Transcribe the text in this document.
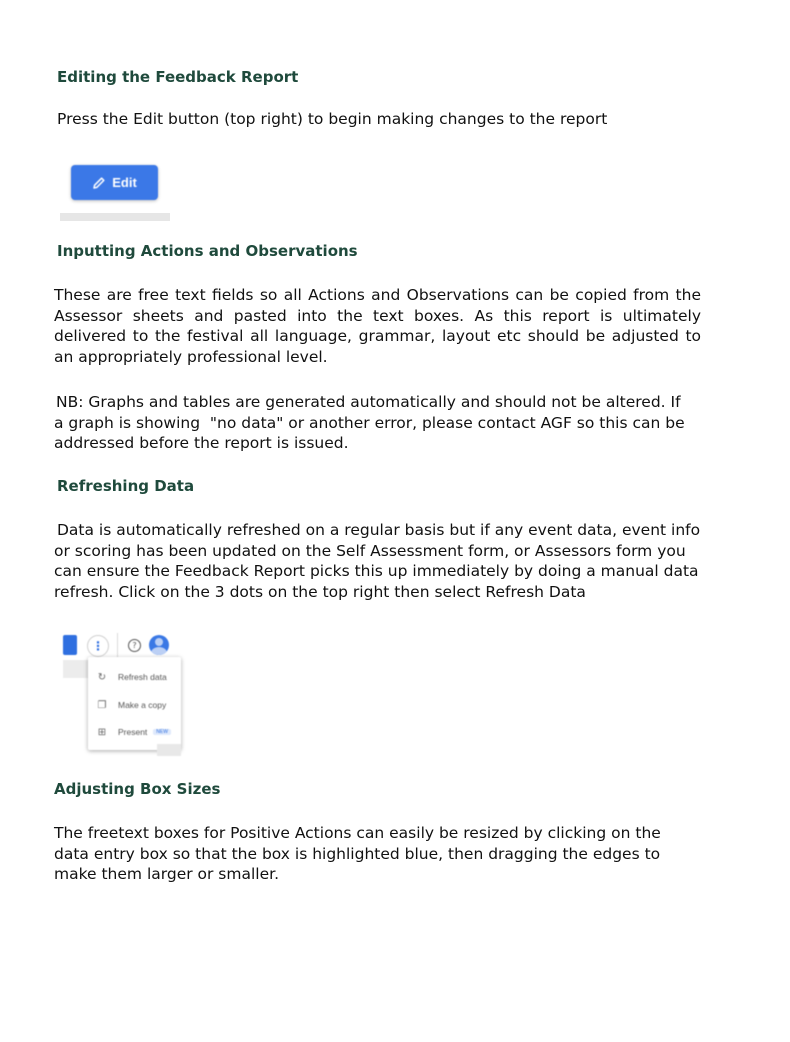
Editing the Feedback Report

Press the Edit button (top right) to begin making changes to the report

Edit
Inputting Actions and Observations
These are free text fields so all Actions and Observations can be copied from the
Assessor sheets and pasted into the text boxes. As this report is ultimately
delivered to the festival all language, grammar, layout etc should be adjusted to
an appropriately professional level.
NB: Graphs and tables are generated automatically and should not be altered. If
a graph is showing  "no data" or another error, please contact AGF so this can be
addressed before the report is issued.
Refreshing Data
Data is automatically refreshed on a regular basis but if any event data, event info
or scoring has been updated on the Self Assessment form, or Assessors form you
can ensure the Feedback Report picks this up immediately by doing a manual data
refresh. Click on the 3 dots on the top right then select Refresh Data
⋮	?
↻ Refresh data
❐ Make a copy
⊞ Present	NEW
Adjusting Box Sizes
The freetext boxes for Positive Actions can easily be resized by clicking on the
data entry box so that the box is highlighted blue, then dragging the edges to
make them larger or smaller.
